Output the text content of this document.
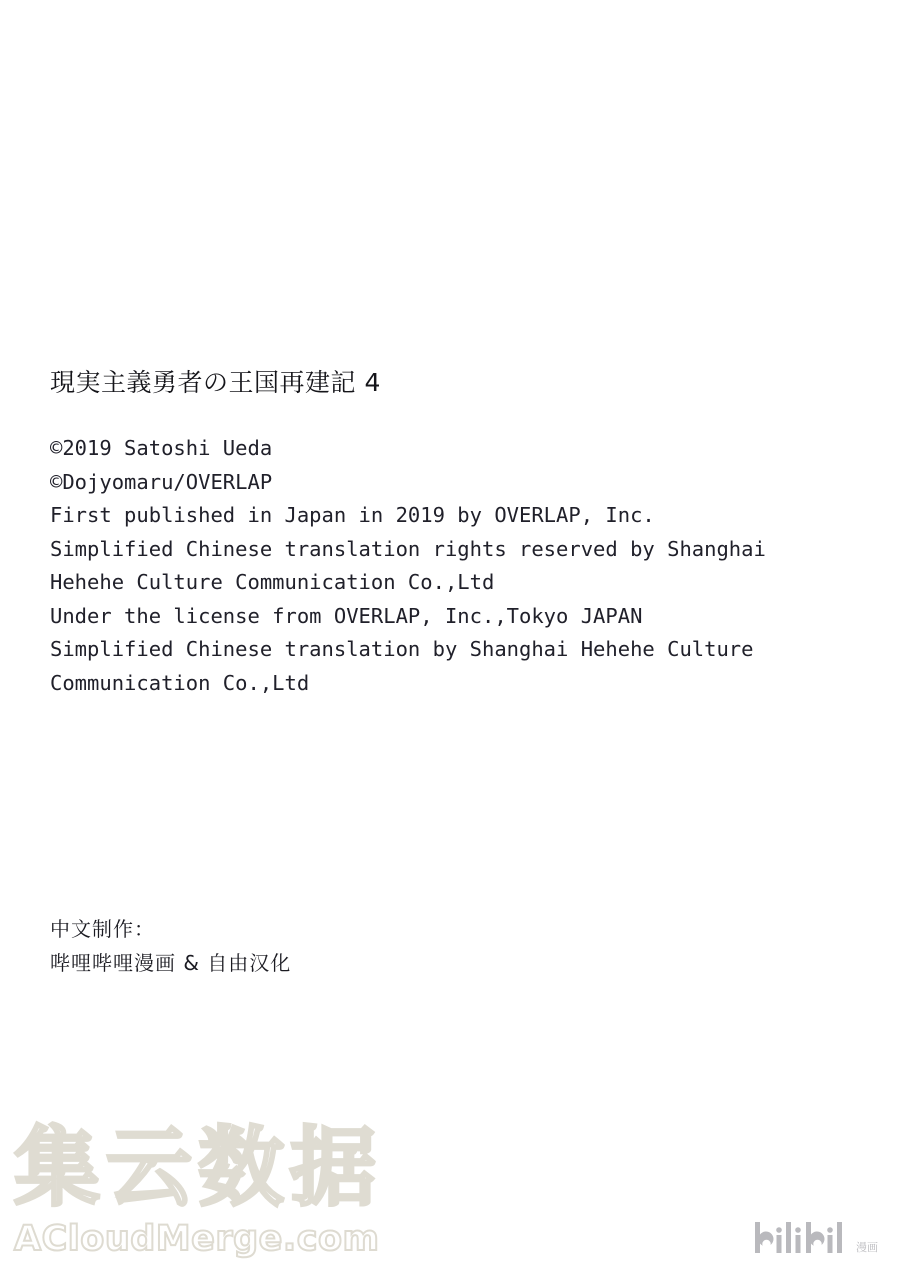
現実主義勇者の王国再建記 4

©2019 Satoshi Ueda

©Dojyomaru/OVERLAP

First published in Japan in 2019 by OVERLAP, Inc.

Simplified Chinese translation rights reserved by Shanghai

Hehehe Culture Communication Co.,Ltd

Under the license from OVERLAP, Inc.,Tokyo JAPAN

Simplified Chinese translation by Shanghai Hehehe Culture

Communication Co.,Ltd

中文制作：

哔哩哔哩漫画 & 自由汉化

集云数据
ACloudMerge.com	漫画
